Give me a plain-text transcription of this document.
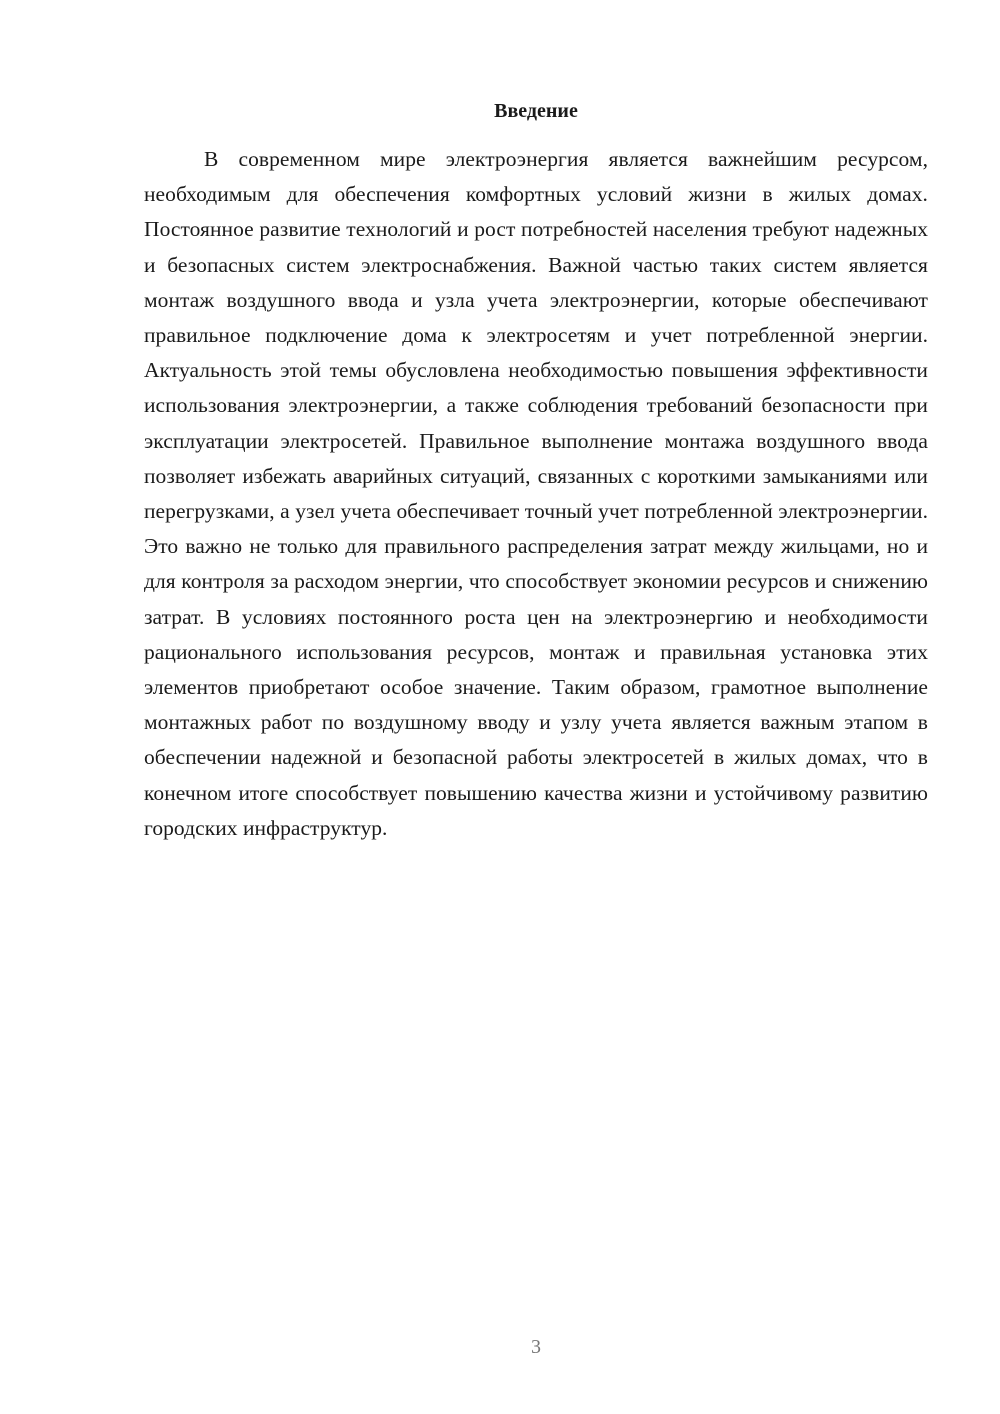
Введение

В современном мире электроэнергия является важнейшим ресурсом, необходимым для обеспечения комфортных условий жизни в жилых домах. Постоянное развитие технологий и рост потребностей населения требуют надежных и безопасных систем электроснабжения. Важной частью таких систем является монтаж воздушного ввода и узла учета электроэнергии, которые обеспечивают правильное подключение дома к электросетям и учет потребленной энергии. Актуальность этой темы обусловлена необходимостью повышения эффективности использования электроэнергии, а также соблюдения требований безопасности при эксплуатации электросетей. Правильное выполнение монтажа воздушного ввода позволяет избежать аварийных ситуаций, связанных с короткими замыканиями или перегрузками, а узел учета обеспечивает точный учет потребленной электроэнергии. Это важно не только для правильного распределения затрат между жильцами, но и для контроля за расходом энергии, что способствует экономии ресурсов и снижению затрат. В условиях постоянного роста цен на электроэнергию и необходимости рационального использования ресурсов, монтаж и правильная установка этих элементов приобретают особое значение. Таким образом, грамотное выполнение монтажных работ по воздушному вводу и узлу учета является важным этапом в обеспечении надежной и безопасной работы электросетей в жилых домах, что в конечном итоге способствует повышению качества жизни и устойчивому развитию городских инфраструктур.

3
